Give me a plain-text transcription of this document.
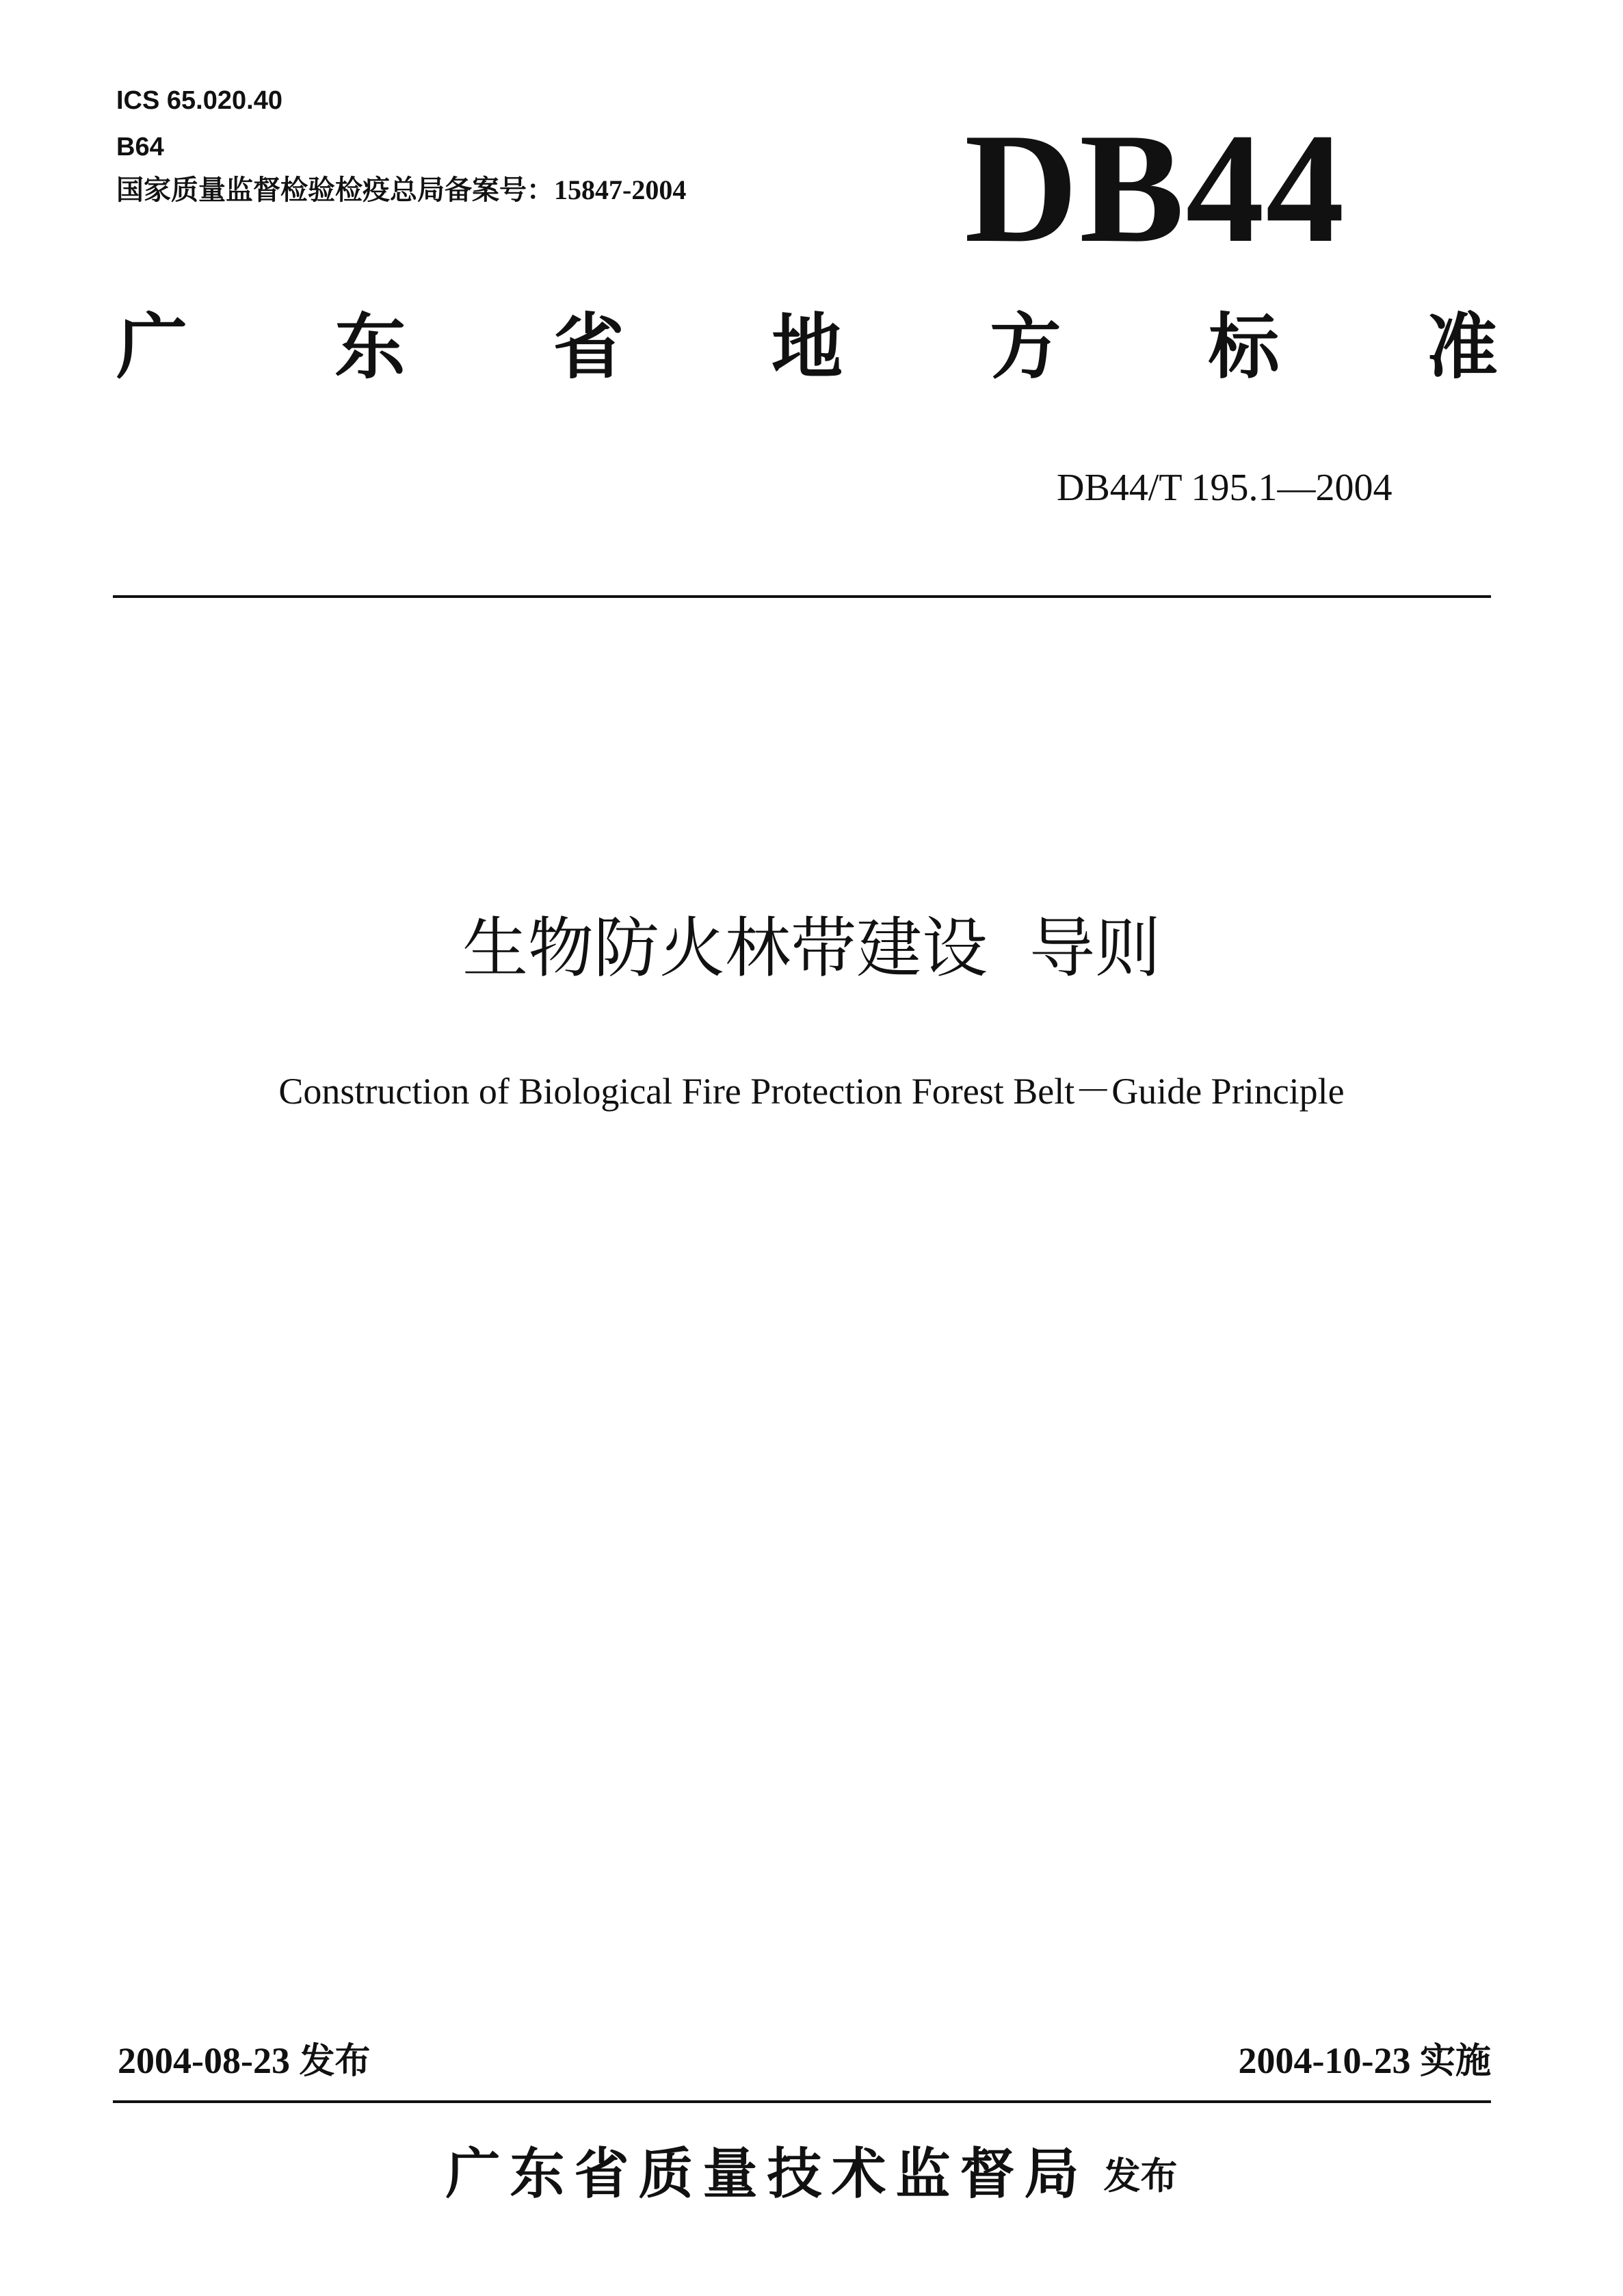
ICS 65.020.40
B64
国家质量监督检验检疫总局备案号：15847-2004 DB44
广 东 省 地 方 标 准
DB44/T 195.1—2004
生物防火林带建设  导则
Construction of Biological Fire Protection Forest Belt－Guide Principle
2004-08-23 发布	2004-10-23 实施
广东省质量技术监督局 发布
